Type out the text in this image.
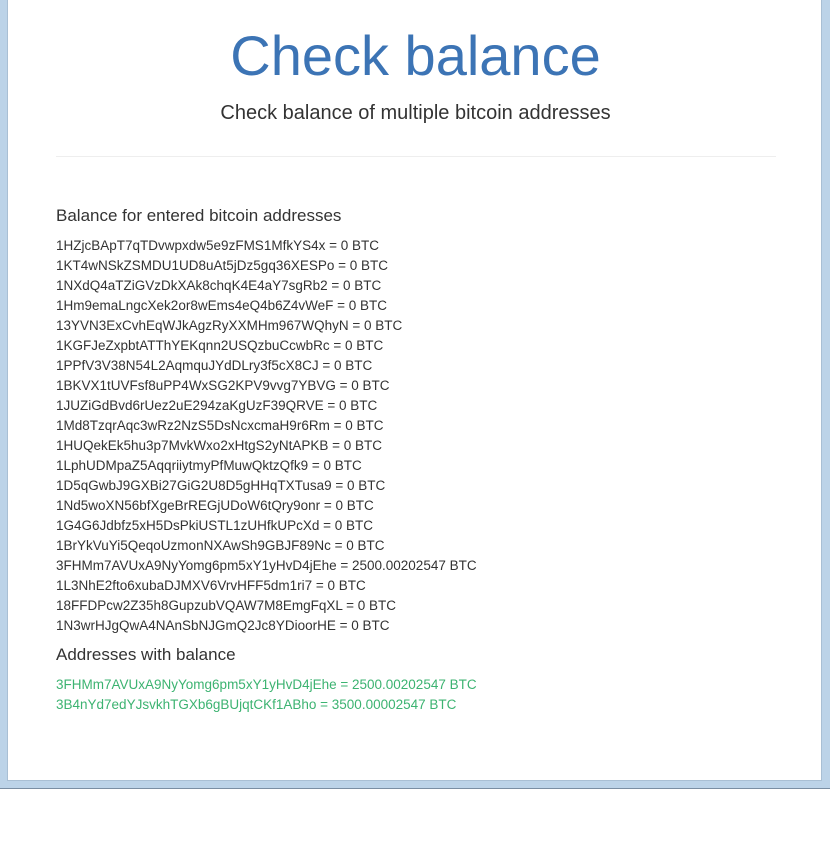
Check balance

Check balance of multiple bitcoin addresses

Balance for entered bitcoin addresses
1HZjcBApT7qTDvwpxdw5e9zFMS1MfkYS4x = 0 BTC
1KT4wNSkZSMDU1UD8uAt5jDz5gq36XESPo = 0 BTC
1NXdQ4aTZiGVzDkXAk8chqK4E4aY7sgRb2 = 0 BTC
1Hm9emaLngcXek2or8wEms4eQ4b6Z4vWeF = 0 BTC
13YVN3ExCvhEqWJkAgzRyXXMHm967WQhyN = 0 BTC
1KGFJeZxpbtATThYEKqnn2USQzbuCcwbRc = 0 BTC
1PPfV3V38N54L2AqmquJYdDLry3f5cX8CJ = 0 BTC
1BKVX1tUVFsf8uPP4WxSG2KPV9vvg7YBVG = 0 BTC
1JUZiGdBvd6rUez2uE294zaKgUzF39QRVE = 0 BTC
1Md8TzqrAqc3wRz2NzS5DsNcxcmaH9r6Rm = 0 BTC
1HUQekEk5hu3p7MvkWxo2xHtgS2yNtAPKB = 0 BTC
1LphUDMpaZ5AqqriiytmyPfMuwQktzQfk9 = 0 BTC
1D5qGwbJ9GXBi27GiG2U8D5gHHqTXTusa9 = 0 BTC
1Nd5woXN56bfXgeBrREGjUDoW6tQry9onr = 0 BTC
1G4G6Jdbfz5xH5DsPkiUSTL1zUHfkUPcXd = 0 BTC
1BrYkVuYi5QeqoUzmonNXAwSh9GBJF89Nc = 0 BTC
3FHMm7AVUxA9NyYomg6pm5xY1yHvD4jEhe = 2500.00202547 BTC
1L3NhE2fto6xubaDJMXV6VrvHFF5dm1ri7 = 0 BTC
18FFDPcw2Z35h8GupzubVQAW7M8EmgFqXL = 0 BTC
1N3wrHJgQwA4NAnSbNJGmQ2Jc8YDioorHE = 0 BTC
Addresses with balance
3FHMm7AVUxA9NyYomg6pm5xY1yHvD4jEhe = 2500.00202547 BTC
3B4nYd7edYJsvkhTGXb6gBUjqtCKf1ABho = 3500.00002547 BTC
